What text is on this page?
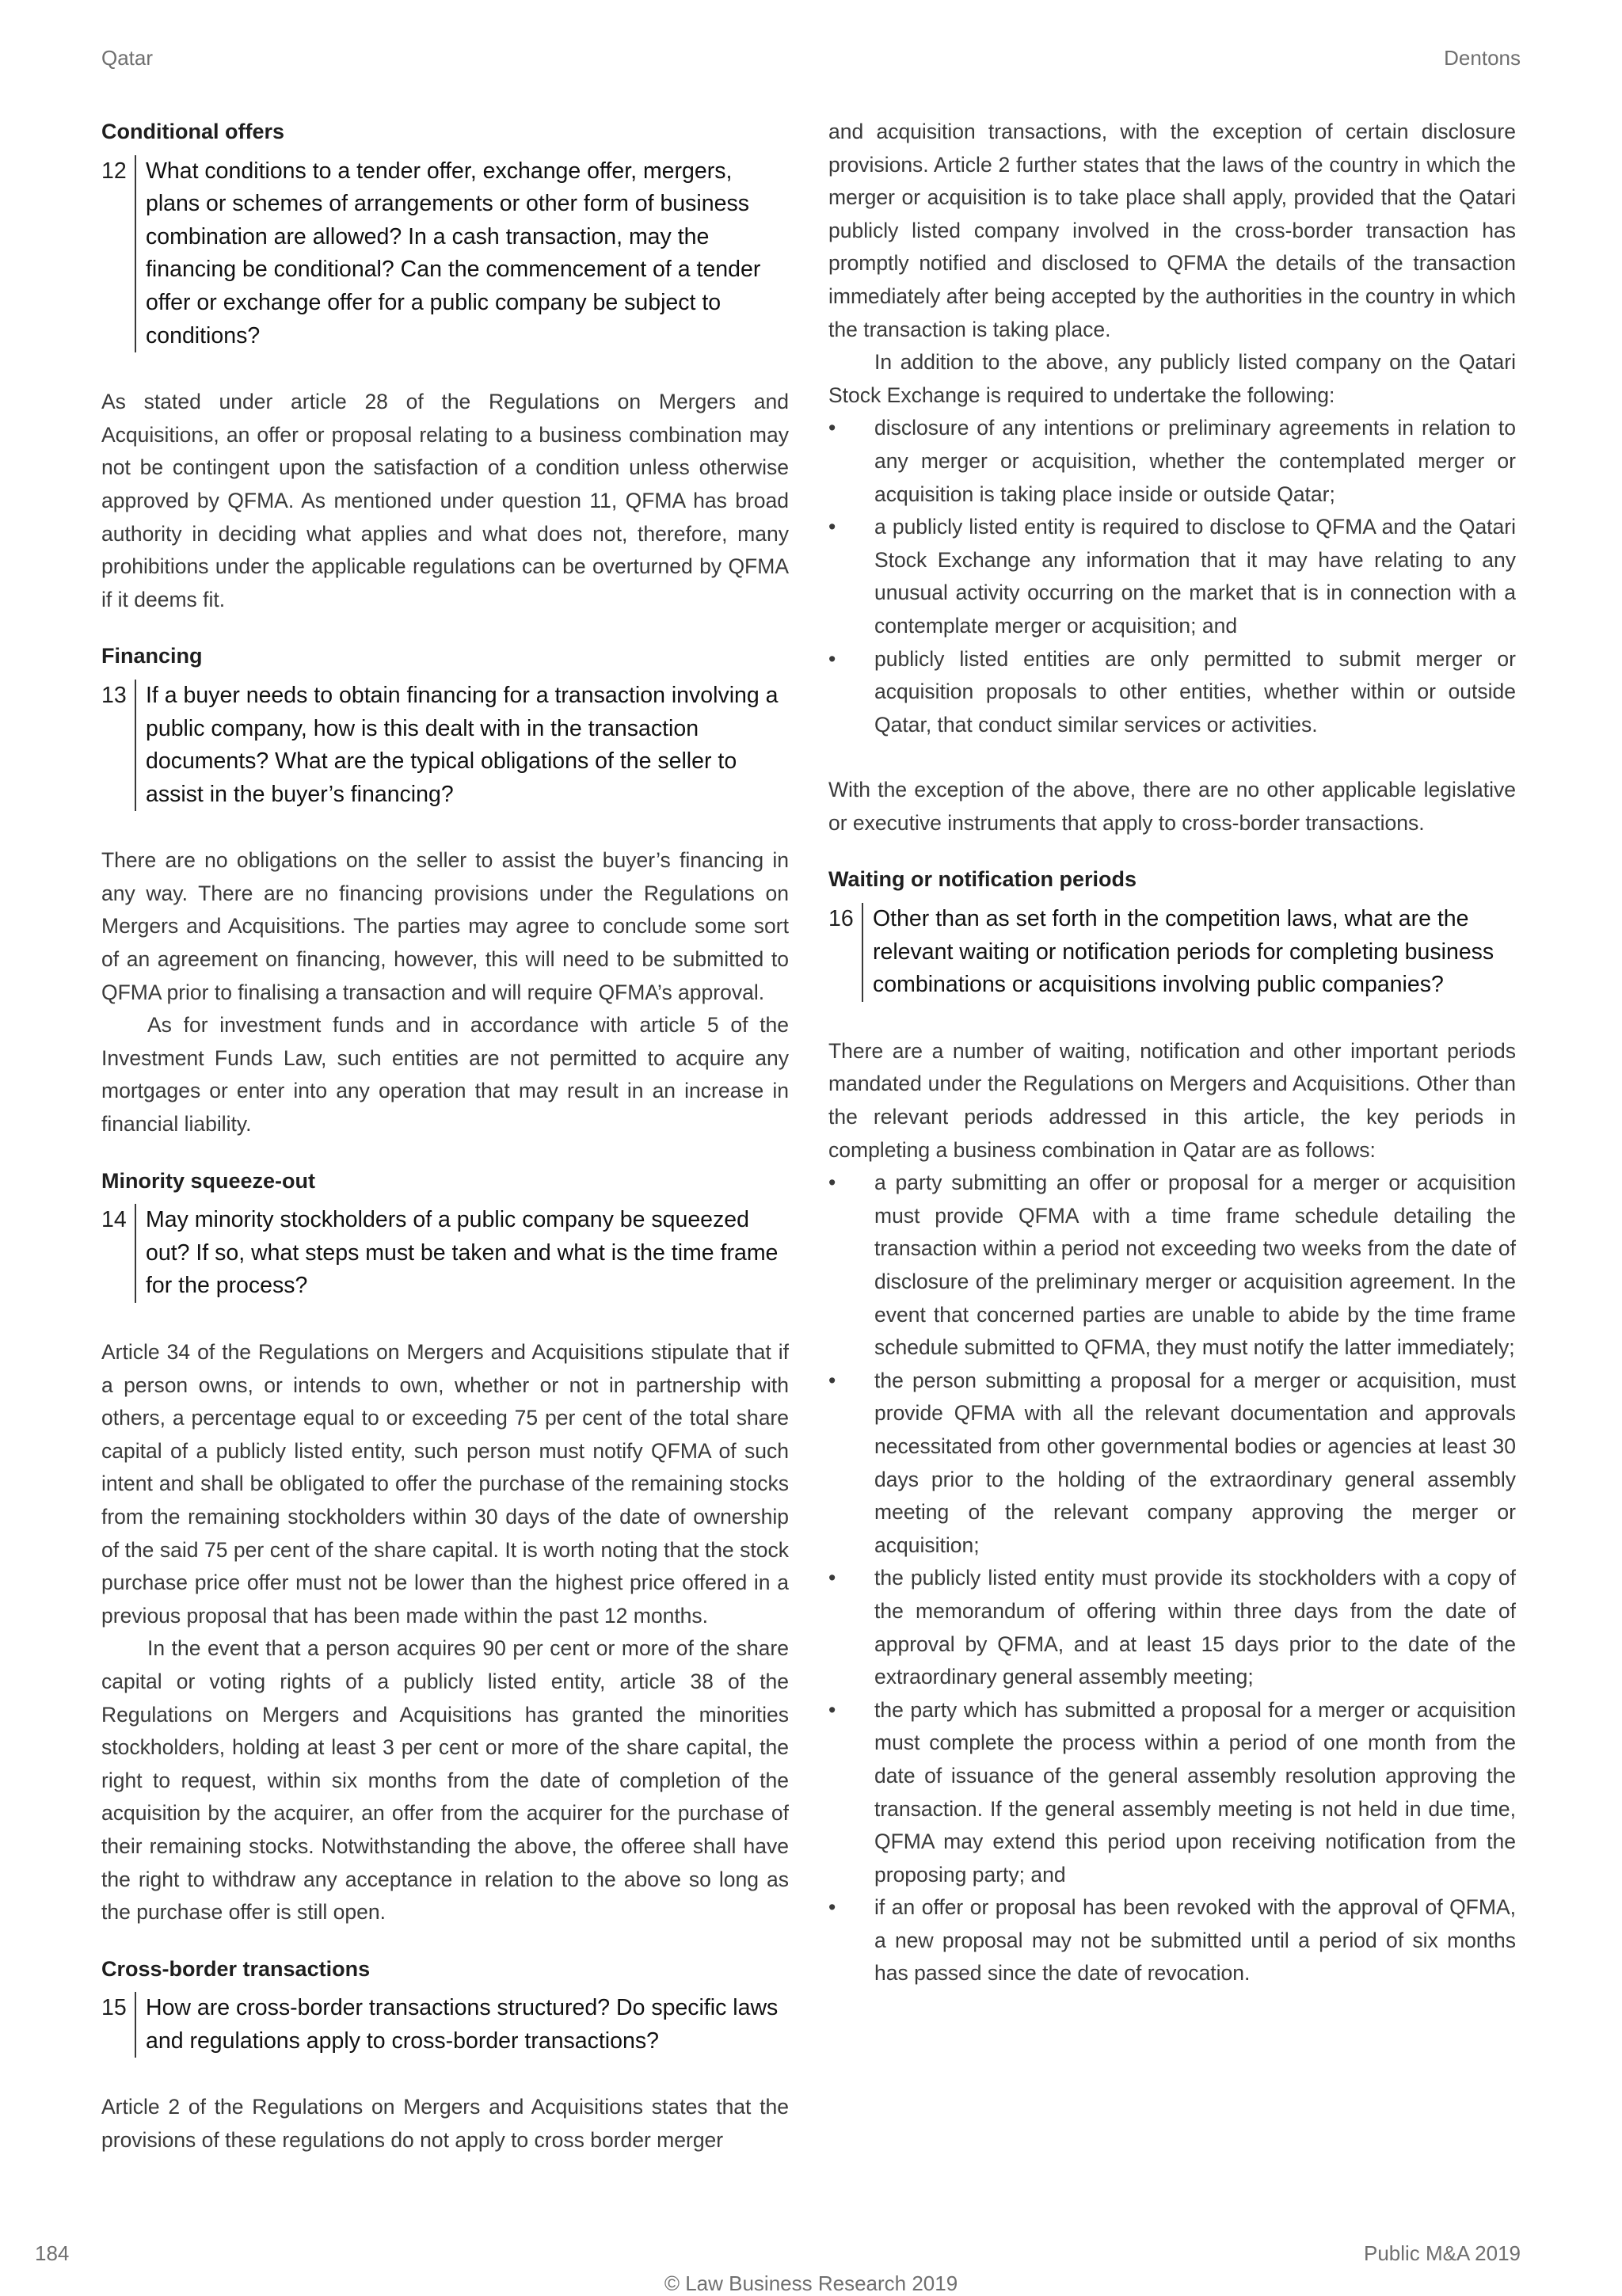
Qatar	Dentons
Conditional offers
12 What conditions to a tender offer, exchange offer, mergers, plans or schemes of arrangements or other form of business combination are allowed? In a cash transaction, may the financing be conditional? Can the commencement of a tender offer or exchange offer for a public company be subject to conditions?

As stated under article 28 of the Regulations on Mergers and Acquisitions, an offer or proposal relating to a business combination may not be contingent upon the satisfaction of a condition unless otherwise approved by QFMA. As mentioned under question 11, QFMA has broad authority in deciding what applies and what does not, therefore, many prohibitions under the applicable regulations can be overturned by QFMA if it deems fit.

Financing
13 If a buyer needs to obtain financing for a transaction involving a public company, how is this dealt with in the transaction documents? What are the typical obligations of the seller to assist in the buyer’s financing?

There are no obligations on the seller to assist the buyer’s financing in any way. There are no financing provisions under the Regulations on Mergers and Acquisitions. The parties may agree to conclude some sort of an agreement on financing, however, this will need to be submitted to QFMA prior to finalising a transaction and will require QFMA’s approval.

As for investment funds and in accordance with article 5 of the Investment Funds Law, such entities are not permitted to acquire any mortgages or enter into any operation that may result in an increase in financial liability.

Minority squeeze-out
14 May minority stockholders of a public company be squeezed out? If so, what steps must be taken and what is the time frame for the process?

Article 34 of the Regulations on Mergers and Acquisitions stipulate that if a person owns, or intends to own, whether or not in partnership with others, a percentage equal to or exceeding 75 per cent of the total share capital of a publicly listed entity, such person must notify QFMA of such intent and shall be obligated to offer the purchase of the remaining stocks from the remaining stockholders within 30 days of the date of ownership of the said 75 per cent of the share capital. It is worth noting that the stock purchase price offer must not be lower than the highest price offered in a previous proposal that has been made within the past 12 months.

In the event that a person acquires 90 per cent or more of the share capital or voting rights of a publicly listed entity, article 38 of the Regulations on Mergers and Acquisitions has granted the minorities stockholders, holding at least 3 per cent or more of the share capital, the right to request, within six months from the date of completion of the acquisition by the acquirer, an offer from the acquirer for the purchase of their remaining stocks. Notwithstanding the above, the offeree shall have the right to withdraw any acceptance in relation to the above so long as the purchase offer is still open.

Cross-border transactions
15 How are cross-border transactions structured? Do specific laws and regulations apply to cross-border transactions?

Article 2 of the Regulations on Mergers and Acquisitions states that the provisions of these regulations do not apply to cross border merger

and acquisition transactions, with the exception of certain disclosure provisions. Article 2 further states that the laws of the country in which the merger or acquisition is to take place shall apply, provided that the Qatari publicly listed company involved in the cross-border transaction has promptly notified and disclosed to QFMA the details of the transaction immediately after being accepted by the authorities in the country in which the transaction is taking place.

In addition to the above, any publicly listed company on the Qatari Stock Exchange is required to undertake the following:

• disclosure of any intentions or preliminary agreements in relation to any merger or acquisition, whether the contemplated merger or acquisition is taking place inside or outside Qatar;
• a publicly listed entity is required to disclose to QFMA and the Qatari Stock Exchange any information that it may have relating to any unusual activity occurring on the market that is in connection with a contemplate merger or acquisition; and
• publicly listed entities are only permitted to submit merger or acquisition proposals to other entities, whether within or outside Qatar, that conduct similar services or activities.

With the exception of the above, there are no other applicable legislative or executive instruments that apply to cross-border transactions.

Waiting or notification periods
16 Other than as set forth in the competition laws, what are the relevant waiting or notification periods for completing business combinations or acquisitions involving public companies?

There are a number of waiting, notification and other important periods mandated under the Regulations on Mergers and Acquisitions. Other than the relevant periods addressed in this article, the key periods in completing a business combination in Qatar are as follows:

• a party submitting an offer or proposal for a merger or acquisition must provide QFMA with a time frame schedule detailing the transaction within a period not exceeding two weeks from the date of disclosure of the preliminary merger or acquisition agreement. In the event that concerned parties are unable to abide by the time frame schedule submitted to QFMA, they must notify the latter immediately;
• the person submitting a proposal for a merger or acquisition, must provide QFMA with all the relevant documentation and approvals necessitated from other governmental bodies or agencies at least 30 days prior to the holding of the extraordinary general assembly meeting of the relevant company approving the merger or acquisition;
• the publicly listed entity must provide its stockholders with a copy of the memorandum of offering within three days from the date of approval by QFMA, and at least 15 days prior to the date of the extraordinary general assembly meeting;
• the party which has submitted a proposal for a merger or acquisition must complete the process within a period of one month from the date of issuance of the general assembly resolution approving the transaction. If the general assembly meeting is not held in due time, QFMA may extend this period upon receiving notification from the proposing party; and
• if an offer or proposal has been revoked with the approval of QFMA, a new proposal may not be submitted until a period of six months has passed since the date of revocation.
184	Public M&A 2019
© Law Business Research 2019
